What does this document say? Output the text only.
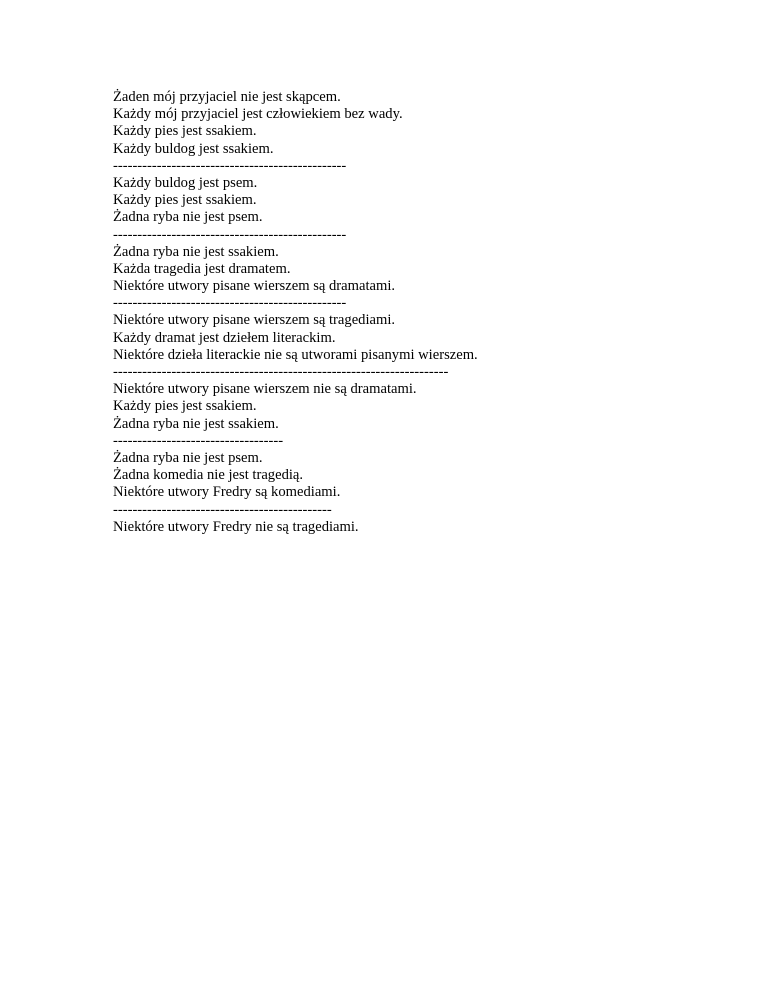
Żaden mój przyjaciel nie jest skąpcem.
Każdy mój przyjaciel jest człowiekiem bez wady.
Każdy pies jest ssakiem.
Każdy buldog jest ssakiem.
------------------------------------------------
Każdy buldog jest psem.
Każdy pies jest ssakiem.
Żadna ryba nie jest psem.
------------------------------------------------
Żadna ryba nie jest ssakiem.
Każda tragedia jest dramatem.
Niektóre utwory pisane wierszem są dramatami.
------------------------------------------------
Niektóre utwory pisane wierszem są tragediami.
Każdy dramat jest dziełem literackim.
Niektóre dzieła literackie nie są utworami pisanymi wierszem.
---------------------------------------------------------------------
Niektóre utwory pisane wierszem nie są dramatami.
Każdy pies jest ssakiem.
Żadna ryba nie jest ssakiem.
-----------------------------------
Żadna ryba nie jest psem.
Żadna komedia nie jest tragedią.
Niektóre utwory Fredry są komediami.
---------------------------------------------
Niektóre utwory Fredry nie są tragediami.
